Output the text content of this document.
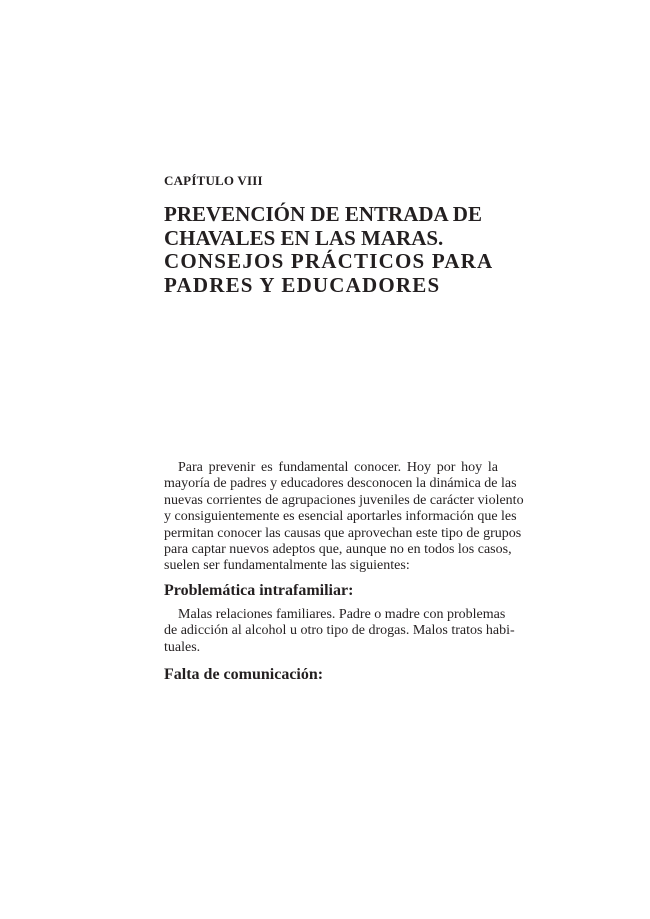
CAPÍTULO VIII
PREVENCIÓN DE ENTRADA DE
CHAVALES EN LAS MARAS.
CONSEJOS PRÁCTICOS PARA
PADRES Y EDUCADORES
Para prevenir es fundamental conocer. Hoy por hoy la
mayoría de padres y educadores desconocen la dinámica de las
nuevas corrientes de agrupaciones juveniles de carácter violento
y consiguientemente es esencial aportarles información que les
permitan conocer las causas que aprovechan este tipo de grupos
para captar nuevos adeptos que, aunque no en todos los casos,
suelen ser fundamentalmente las siguientes:
Problemática intrafamiliar:
Malas relaciones familiares. Padre o madre con problemas
de adicción al alcohol u otro tipo de drogas. Malos tratos habi-
tuales.
Falta de comunicación:
